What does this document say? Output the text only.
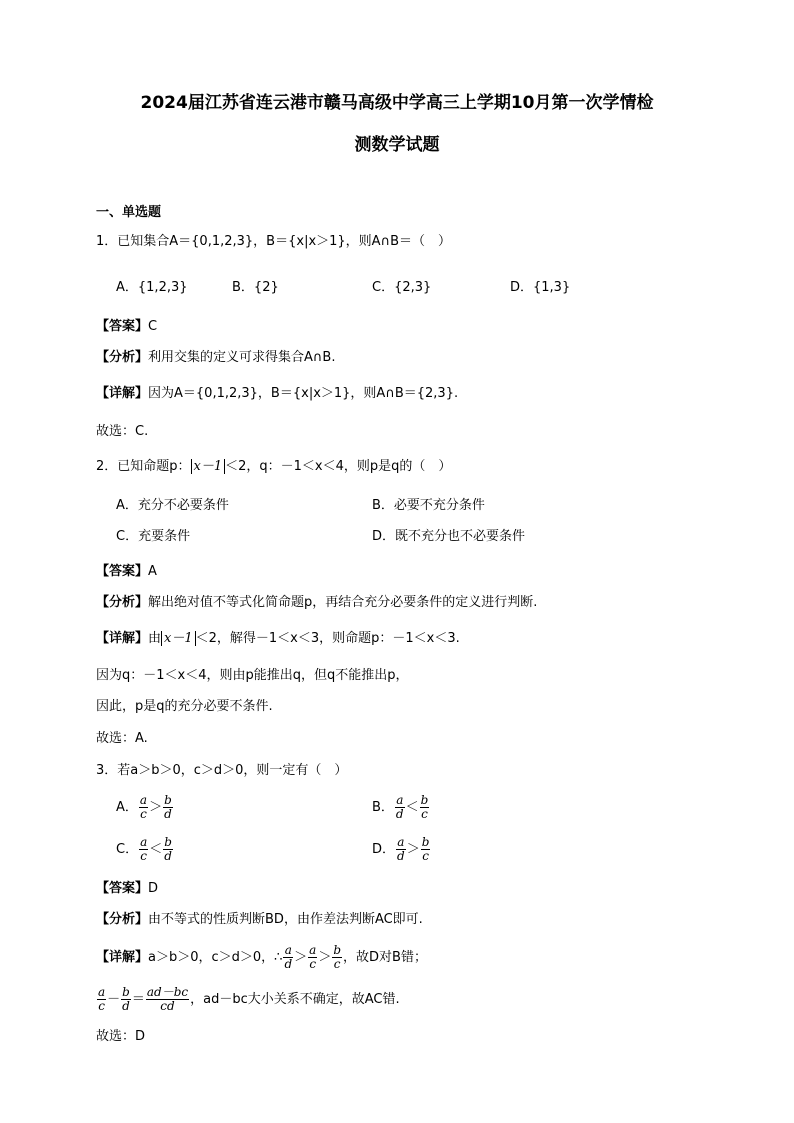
2024届江苏省连云港市赣马高级中学高三上学期10月第一次学情检
测数学试题
一、单选题
1．已知集合A＝{0,1,2,3}，B＝{x|x＞1}，则A∩B＝（　）
A．{1,2,3}	B．{2}	C．{2,3}	D．{1,3}
【答案】C
【分析】利用交集的定义可求得集合A∩B.
【详解】因为A＝{0,1,2,3}，B＝{x|x＞1}，则A∩B＝{2,3}.
故选：C.
2．已知命题p： x－1 ＜2，q：－1＜x＜4，则p是q的（　）
A．充分不必要条件	B．必要不充分条件
C．充要条件	D．既不充分也不必要条件
【答案】A
【分析】解出绝对值不等式化简命题p，再结合充分必要条件的定义进行判断.
【详解】由 x－1 ＜2，解得－1＜x＜3，则命题p：－1＜x＜3.
因为q：－1＜x＜4，则由p能推出q，但q不能推出p，
因此，p是q的充分必要不条件.
故选：A.
3．若a＞b＞0，c＞d＞0，则一定有（　）
A． $\frac{a}{c} > \frac{b}{d}$	B． $\frac{a}{d} < \frac{b}{c}$
C． $\frac{a}{c} < \frac{b}{d}$	D． $\frac{a}{d} > \frac{b}{c}$
【答案】D
【分析】由不等式的性质判断BD，由作差法判断AC即可.
【详解】a＞b＞0，c＞d＞0，∴ $\frac{a}{d} > \frac{a}{c} > \frac{b}{c}$ ，故D对B错；
$\frac{a}{c} - \frac{b}{d} = \frac{ad-bc}{cd}$ ，ad－bc大小关系不确定，故AC错.
故选：D
